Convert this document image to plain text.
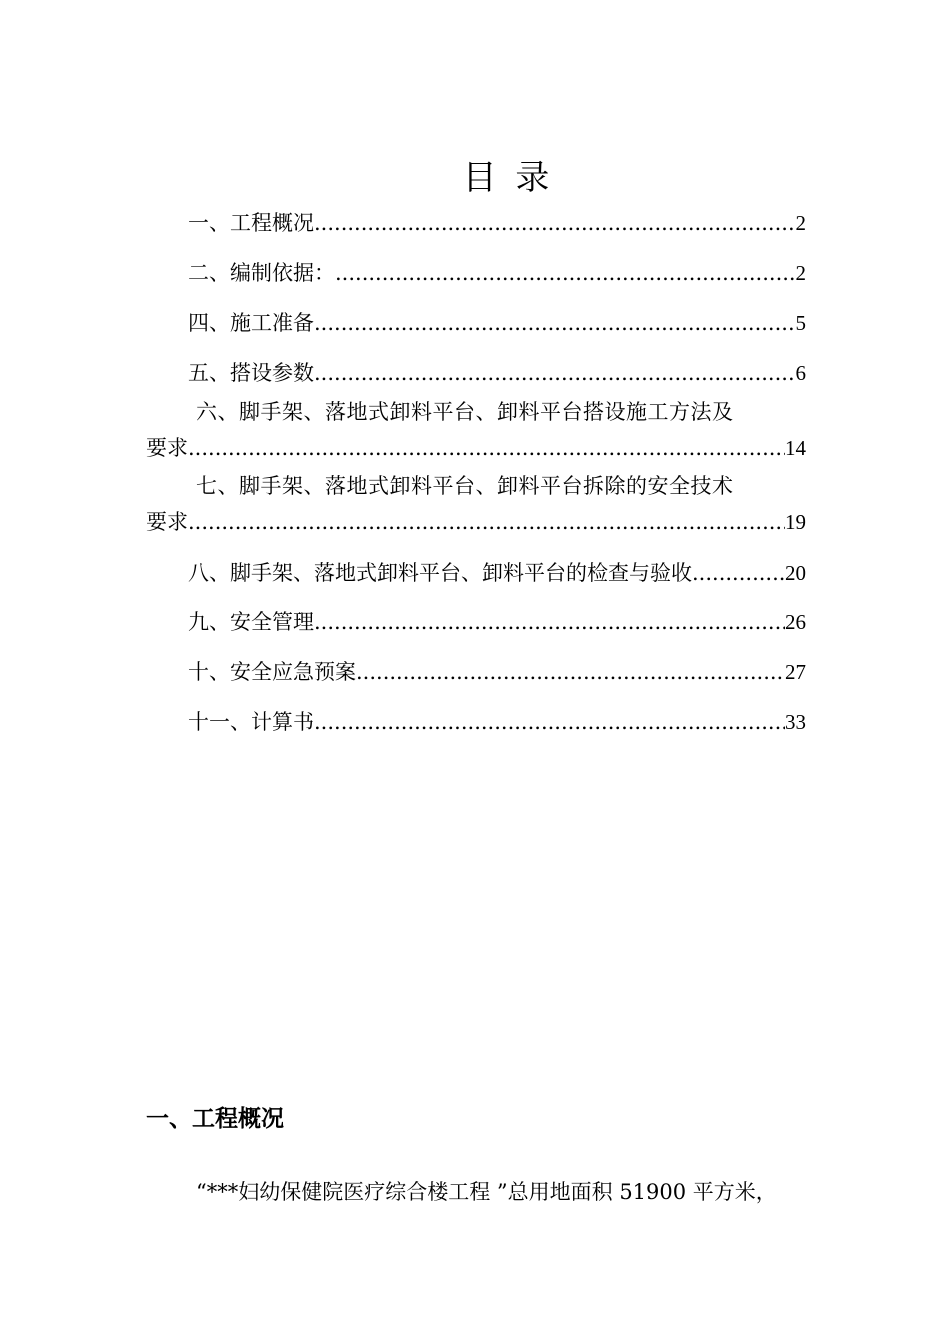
目 录
一、工程概况 .....	2
二、编制依据： .....	2
四、施工准备 .....	5
五、搭设参数 .....	6
六、脚手架、落地式卸料平台、卸料平台搭设施工方法及
要求 .....	14
七、脚手架、落地式卸料平台、卸料平台拆除的安全技术
要求 .....	19
八、脚手架、落地式卸料平台、卸料平台的检查与验收 .....	20
九、安全管理 .....	26
十、安全应急预案 .....	27
十一、计算书 .....	33
一、工程概况

“***妇幼保健院医疗综合楼工程 ”总用地面积 51900 平方米，
